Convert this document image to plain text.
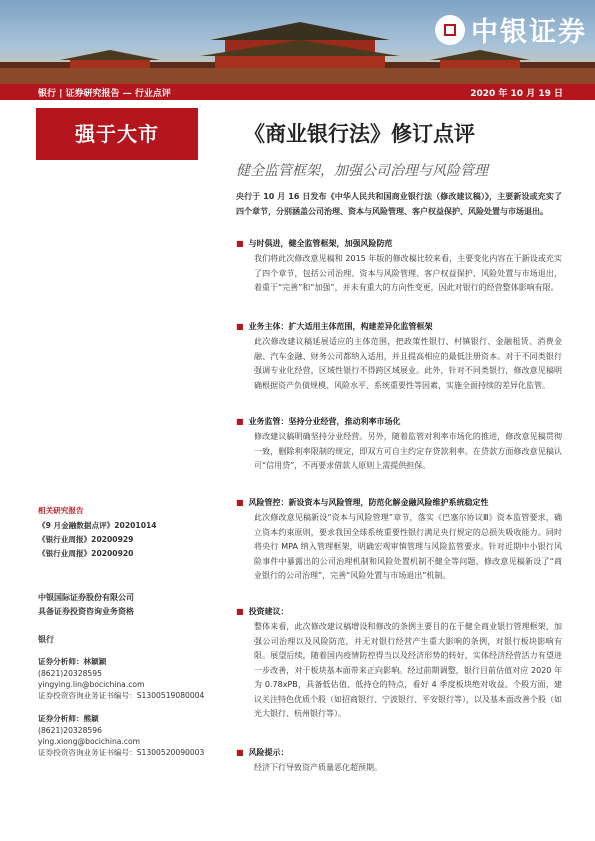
中银证券
银行 | 证券研究报告 — 行业点评	2020 年 10 月 19 日
强于大市
相关研究报告
《9 月金融数据点评》20201014
《银行业周报》20200929
《银行业周报》20200920
中银国际证券股份有限公司
具备证券投资咨询业务资格
银行
证券分析师：林颖颖
(8621)20328595
yingying.lin@bocichina.com
证券投资咨询业务证书编号：S1300519080004
证券分析师：熊颖
(8621)20328596
ying.xiong@bocichina.com
证券投资咨询业务证书编号：S1300520090003
《商业银行法》修订点评
健全监管框架，加强公司治理与风险管理
央行于 10 月 16 日发布《中华人民共和国商业银行法（修改建议稿）》，主要新设或充实了四个章节，分别涵盖公司治理、资本与风险管理、客户权益保护、风险处置与市场退出。
■ 与时俱进，健全监管框架，加强风险防范
我们将此次修改意见稿和 2015 年版的修改稿比较来看，主要变化内容在于新设或充实了四个章节，包括公司治理、资本与风险管理、客户权益保护、风险处置与市场退出，着重于“完善”和“加强”，并未有重大的方向性变更，因此对银行的经营整体影响有限。
■ 业务主体：扩大适用主体范围，构建差异化监管框架
此次修改建议稿延展适应的主体范围，把政策性银行、村镇银行、金融租赁、消费金融、汽车金融、财务公司都纳入适用，并且提高相应的最低注册资本。对于不同类银行强调专业化经营，区域性银行不得跨区域展业。此外，针对不同类银行，修改意见稿明确根据资产负债规模、风险水平、系统重要性等因素，实施全面持续的差异化监管。
■ 业务监管：坚持分业经营，推动利率市场化
修改建议稿明确坚持分业经营。另外，随着监管对利率市场化的推进，修改意见稿贯彻一致，删除利率限制的规定，即双方可自主约定存贷款利率。在贷款方面修改意见稿认可“信用贷”，不再要求借款人原则上需提供担保。
■ 风险管控：新设资本与风险管理，防范化解金融风险维护系统稳定性
此次修改意见稿新设“资本与风险管理”章节，落实《巴塞尔协议Ⅲ》资本监管要求，确立资本约束原则，要求我国全球系统重要性银行满足央行规定的总损失吸收能力。同时将央行 MPA 纳入管理框架，明确宏观审慎管理与风险监管要求。针对近期中小银行风险事件中暴露出的公司治理机制和风险处置机制不健全等问题，修改意见稿新设了“商业银行的公司治理”，完善“风险处置与市场退出”机制。
■ 投资建议：
整体来看，此次修改建议稿增设和修改的条例主要目的在于健全商业银行管理框架，加强公司治理以及风险防范，并无对银行经营产生重大影响的条例，对银行板块影响有限。展望后续，随着国内疫情防控得当以及经济形势的转好，实体经济经营活力有望进一步改善，对于板块基本面带来正向影响。经过前期调整，银行目前估值对应 2020 年为 0.78xPB，具备低估值、低持仓的特点，看好 4 季度板块绝对收益。个股方面，建议关注特色优质个股（如招商银行、宁波银行、平安银行等），以及基本面改善个股（如光大银行、杭州银行等）。
■ 风险提示：
经济下行导致资产质量恶化超预期。
